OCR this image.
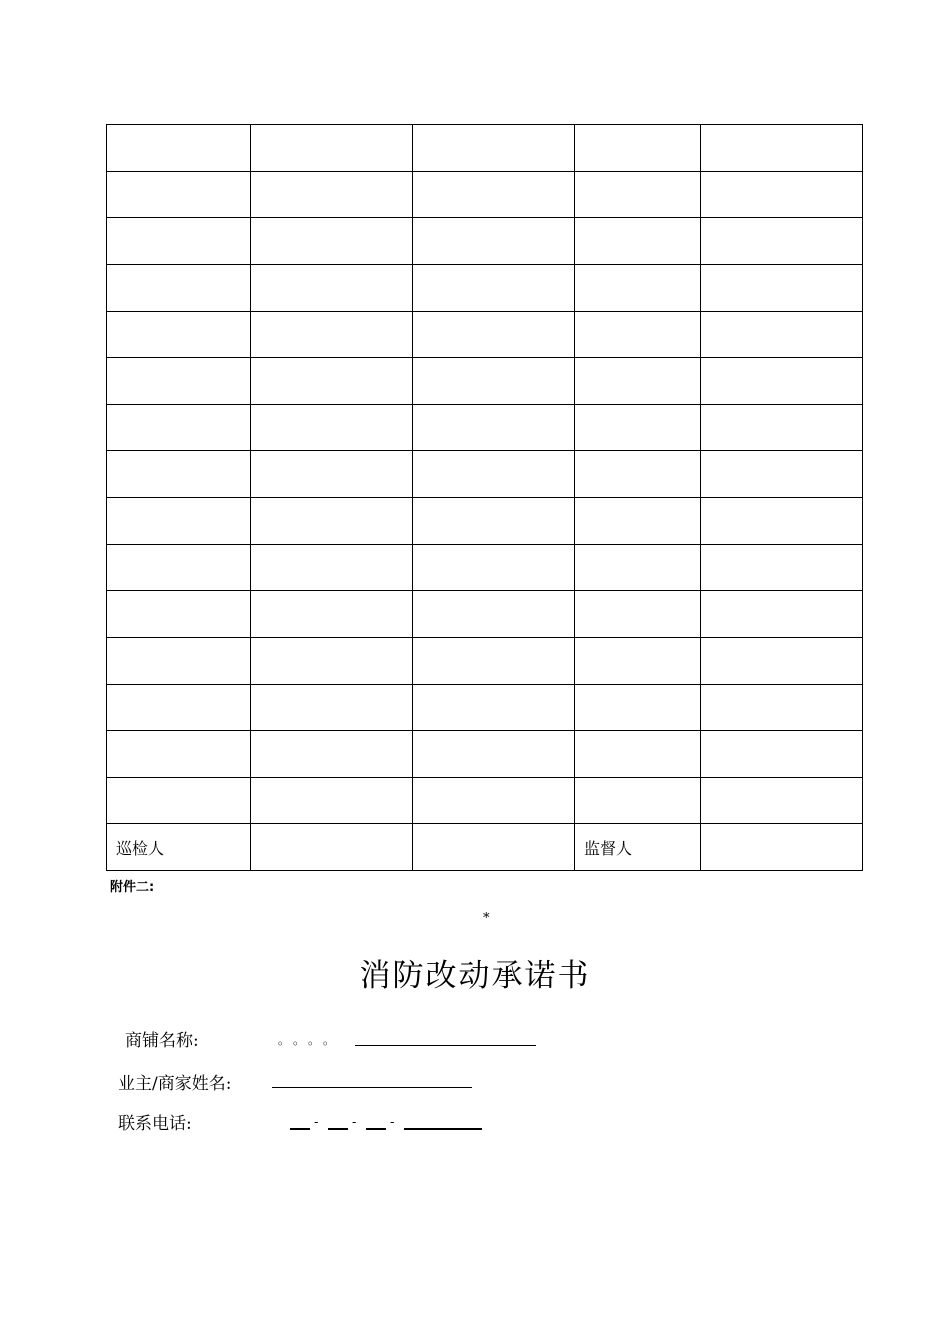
巡检人			监督人	
附件二:
*
消防改动承诺书
商铺名称:	。。。。
业主/商家姓名:
联系电话:	-	-	-
